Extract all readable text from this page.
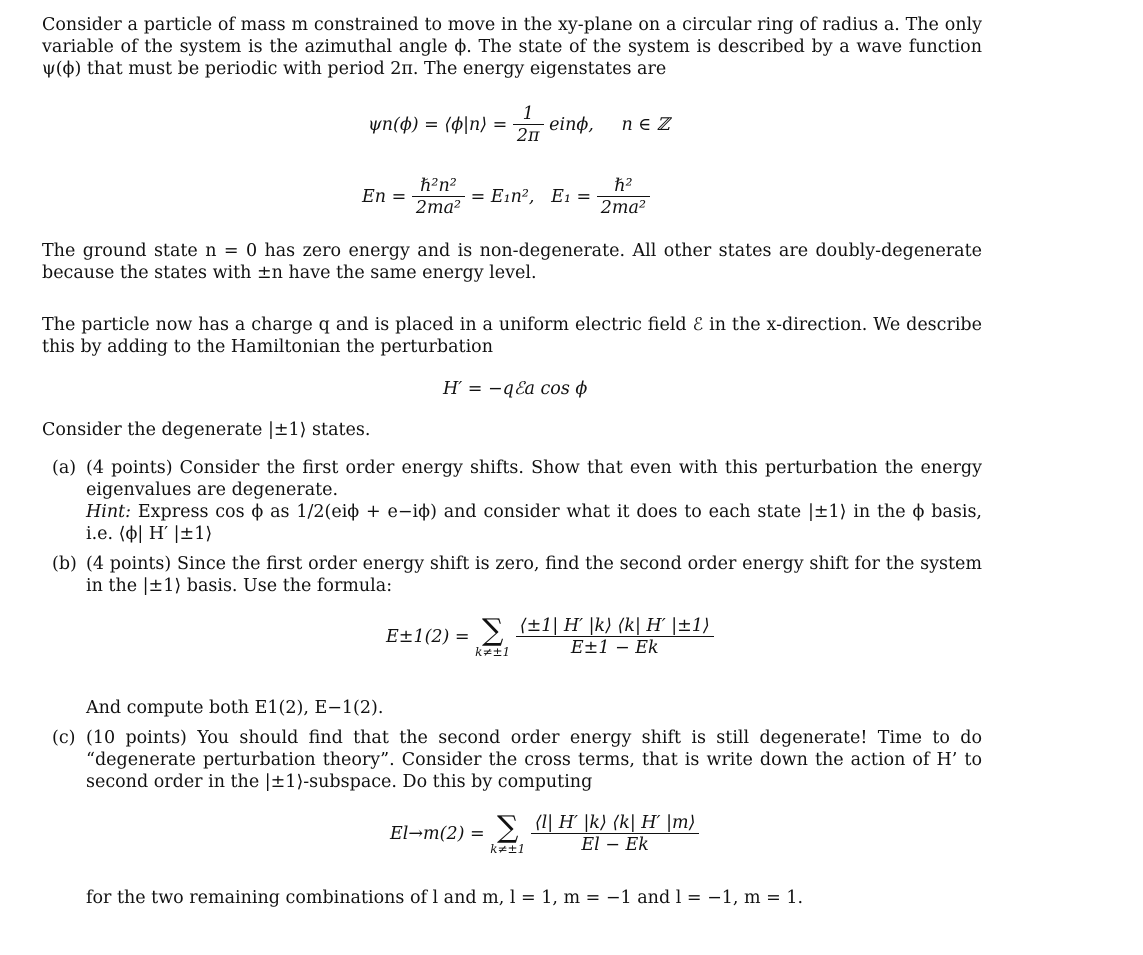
Consider a particle of mass m constrained to move in the xy-plane on a circular ring of radius a. The only variable of the system is the azimuthal angle ϕ. The state of the system is described by a wave function ψ(ϕ) that must be periodic with period 2π. The energy eigenstates are

ψn(ϕ) = ⟨ϕ|n⟩ = $\frac{1}{2\pi} ein\phi$, n ∈ ℤ
$En = \frac{\text{ℏ²n²}}{\text{2ma²}} = E_1n^2$,   $E_1 = \frac{\text{ℏ²}}{\text{2ma²}}$

The ground state n = 0 has zero energy and is non-degenerate. All other states are doubly-degenerate because the states with ±n have the same energy level.

The particle now has a charge q and is placed in a uniform electric field ℰ in the x-direction. We describe this by adding to the Hamiltonian the perturbation

H′ = −qℰa cos ϕ

Consider the degenerate |±1⟩ states.

(a) (4 points) Consider the first order energy shifts. Show that even with this perturbation the energy eigenvalues are degenerate.
Hint: Express cos ϕ as 1/2(eiϕ + e−iϕ) and consider what it does to each state |±1⟩ in the ϕ basis, i.e. ⟨ϕ| H′ |±1⟩
(b) (4 points) Since the first order energy shift is zero, find the second order energy shift for the system in the |±1⟩ basis. Use the formula:
E±1(2) = ∑
k≠±1
$\frac{⟨\pm 1| H' |k⟩ ⟨k| H' |\pm 1⟩}{E\pm 1 - Ek}$

And compute both E1(2), E−1(2).

(c) (10 points) You should find that the second order energy shift is still degenerate! Time to do “degenerate perturbation theory”. Consider the cross terms, that is write down the action of H’ to second order in the |±1⟩-subspace. Do this by computing
El→m(2) = ∑
k≠±1
$\frac{⟨l| H' |k⟩ ⟨k| H' |m⟩}{El - Ek}$

for the two remaining combinations of l and m, l = 1, m = −1 and l = −1, m = 1.
